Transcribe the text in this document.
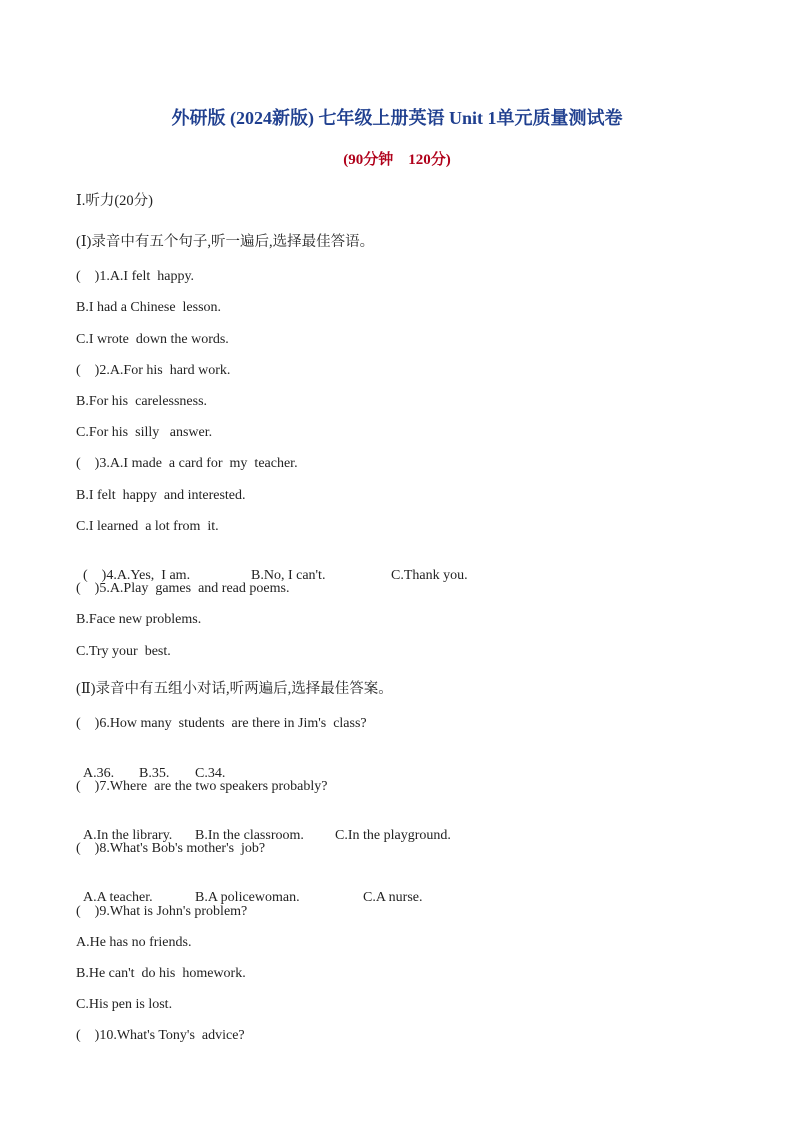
外研版 (2024新版) 七年级上册英语 Unit 1单元质量测试卷
(90分钟    120分)
Ⅰ.听力(20分)
(Ⅰ)录音中有五个句子,听一遍后,选择最佳答语。
(    )1.A.I felt  happy.
B.I had a Chinese  lesson.
C.I wrote  down the words.
(    )2.A.For his  hard work.
B.For his  carelessness.
C.For his  silly   answer.
(    )3.A.I made  a card for  my  teacher.
B.I felt  happy  and interested.
C.I learned  a lot from  it.

(    )4.A.Yes,  I am.	B.No, I can't.	C.Thank you.

(    )5.A.Play  games  and read poems.
B.Face new problems.
C.Try your  best.
(Ⅱ)录音中有五组小对话,听两遍后,选择最佳答案。
(    )6.How many  students  are there in Jim's  class?

A.36. B.35. C.34.

(    )7.Where  are the two speakers probably?

A.In the library. B.In the classroom. C.In the playground.

(    )8.What's Bob's mother's  job?

A.A teacher.	B.A policewoman.	C.A nurse.

(    )9.What is John's problem?
A.He has no friends.
B.He can't  do his  homework.
C.His pen is lost.
(    )10.What's Tony's  advice?
